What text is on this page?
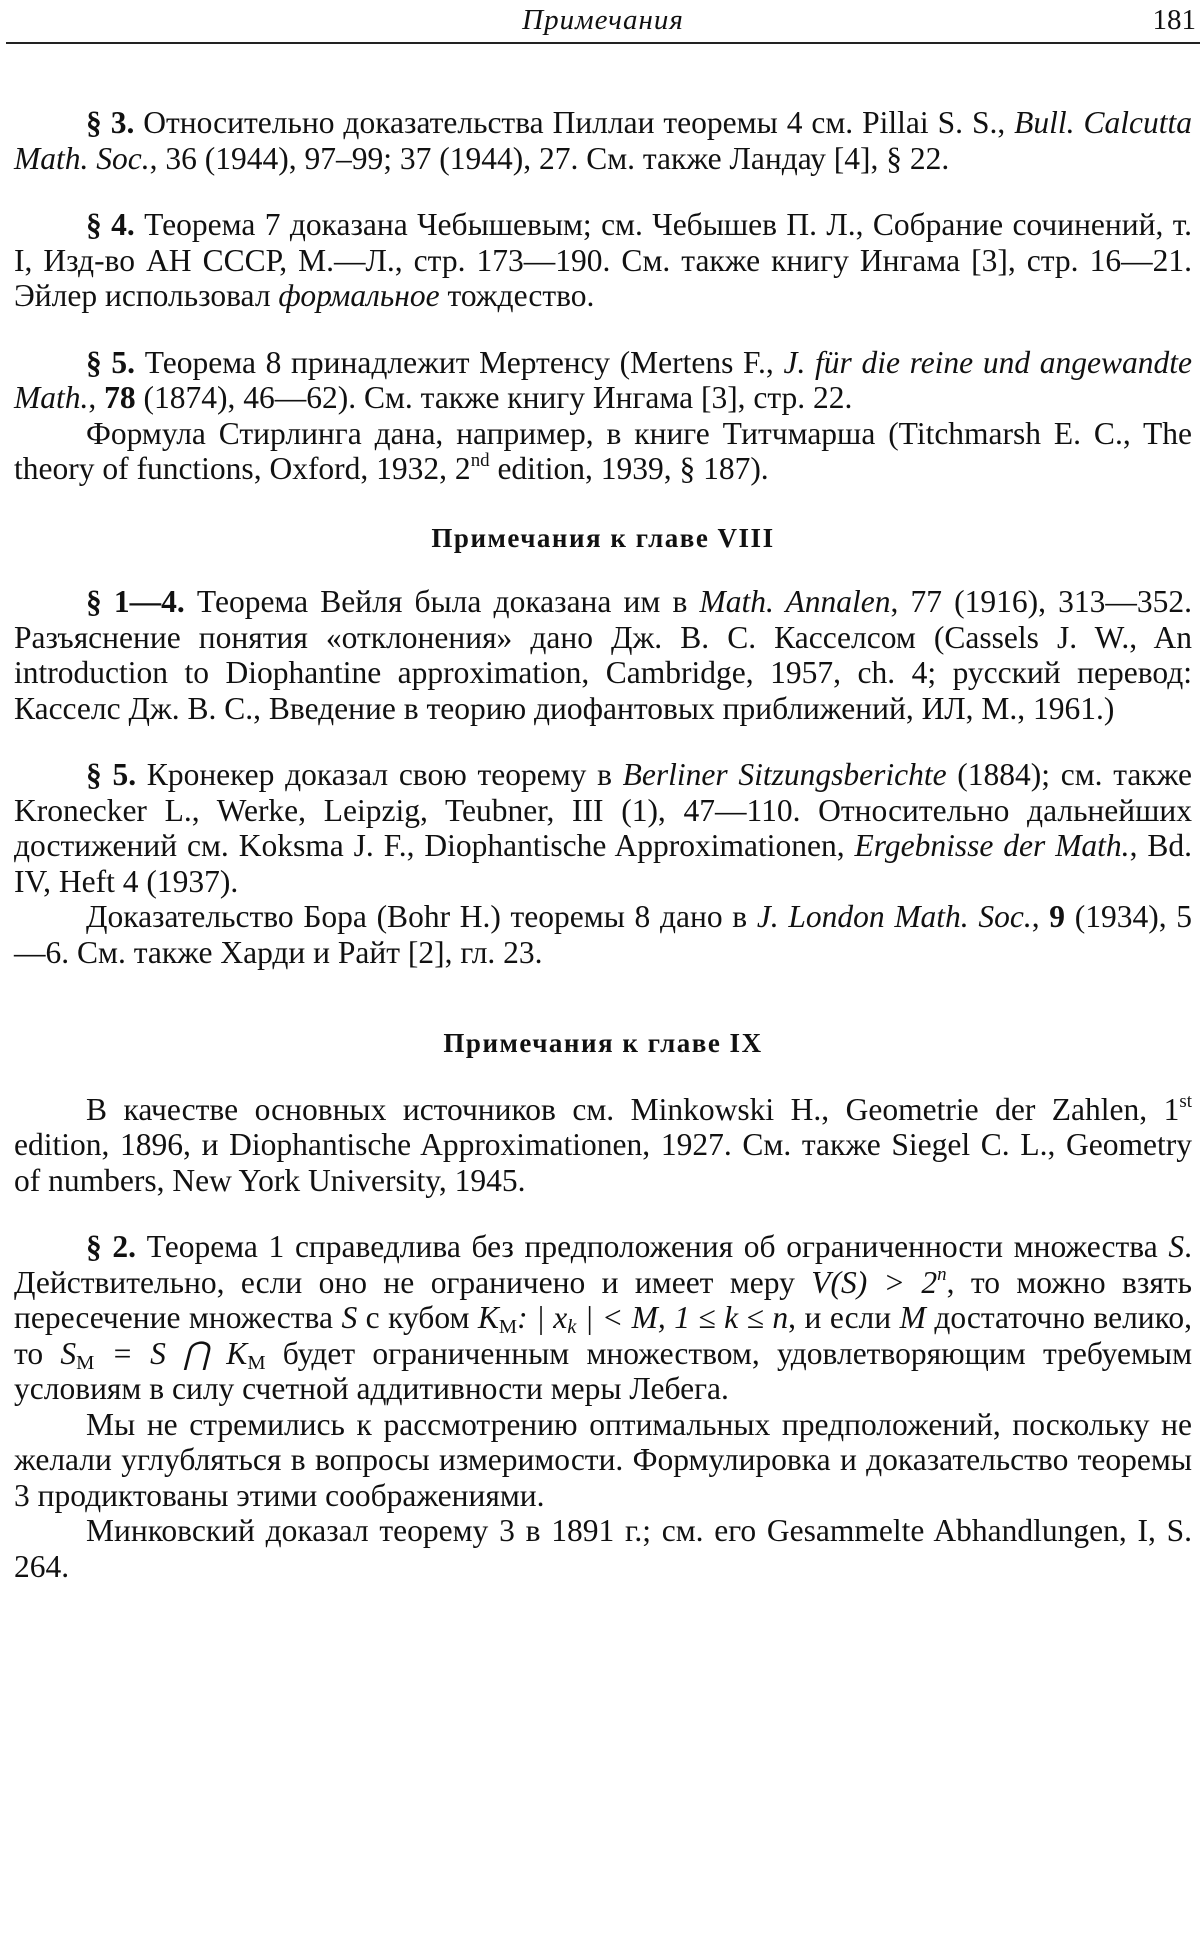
Примечания	181

§ 3. Относительно доказательства Пиллаи теоремы 4 см. Pillai S. S., Bull. Calcutta Math. Soc., 36 (1944), 97–99; 37 (1944), 27. См. также Ландау [4], § 22.

§ 4. Теорема 7 доказана Чебышевым; см. Чебышев П. Л., Собрание сочинений, т. I, Изд-во АН СССР, М.—Л., стр. 173—190. См. также книгу Ингама [3], стр. 16—21. Эйлер использовал формальное тождество.

§ 5. Теорема 8 принадлежит Мертенсу (Mertens F., J. für die reine und angewandte Math., 78 (1874), 46—62). См. также книгу Ингама [3], стр. 22.

Формула Стирлинга дана, например, в книге Титчмарша (Titchmarsh E. C., The theory of functions, Oxford, 1932, 2nd edition, 1939, § 187).

Примечания к главе VIII

§ 1—4. Теорема Вейля была доказана им в Math. Annalen, 77 (1916), 313—352. Разъяснение понятия «отклонения» дано Дж. В. С. Касселсом (Cassels J. W., An introduction to Diophantine approximation, Cambridge, 1957, ch. 4; русский перевод: Касселс Дж. В. С., Введение в теорию диофантовых приближений, ИЛ, М., 1961.)

§ 5. Кронекер доказал свою теорему в Berliner Sitzungsberichte (1884); см. также Kronecker L., Werke, Leipzig, Teubner, III (1), 47—110. Относительно дальнейших достижений см. Koksma J. F., Diophantische Approximationen, Ergebnisse der Math., Bd. IV, Heft 4 (1937).

Доказательство Бора (Bohr H.) теоремы 8 дано в J. London Math. Soc., 9 (1934), 5—6. См. также Харди и Райт [2], гл. 23.

Примечания к главе IX

В качестве основных источников см. Minkowski H., Geometrie der Zahlen, 1st edition, 1896, и Diophantische Approximationen, 1927. См. также Siegel C. L., Geometry of numbers, New York University, 1945.

§ 2. Теорема 1 справедлива без предположения об ограниченности множества S. Действительно, если оно не ограничено и имеет меру $V(S) > 2^n$, то можно взять пересечение множества S с кубом $K_M$: | $x_k$ | < M, 1 ≤ k ≤ n, и если M достаточно велико, то $S_M = S$ ⋂ $K_M$ будет ограниченным множеством, удовлетворяющим требуемым условиям в силу счетной аддитивности меры Лебега.

Мы не стремились к рассмотрению оптимальных предположений, поскольку не желали углубляться в вопросы измеримости. Формулировка и доказательство теоремы 3 продиктованы этими соображениями.

Минковский доказал теорему 3 в 1891 г.; см. его Gesammelte Abhandlungen, I, S. 264.
